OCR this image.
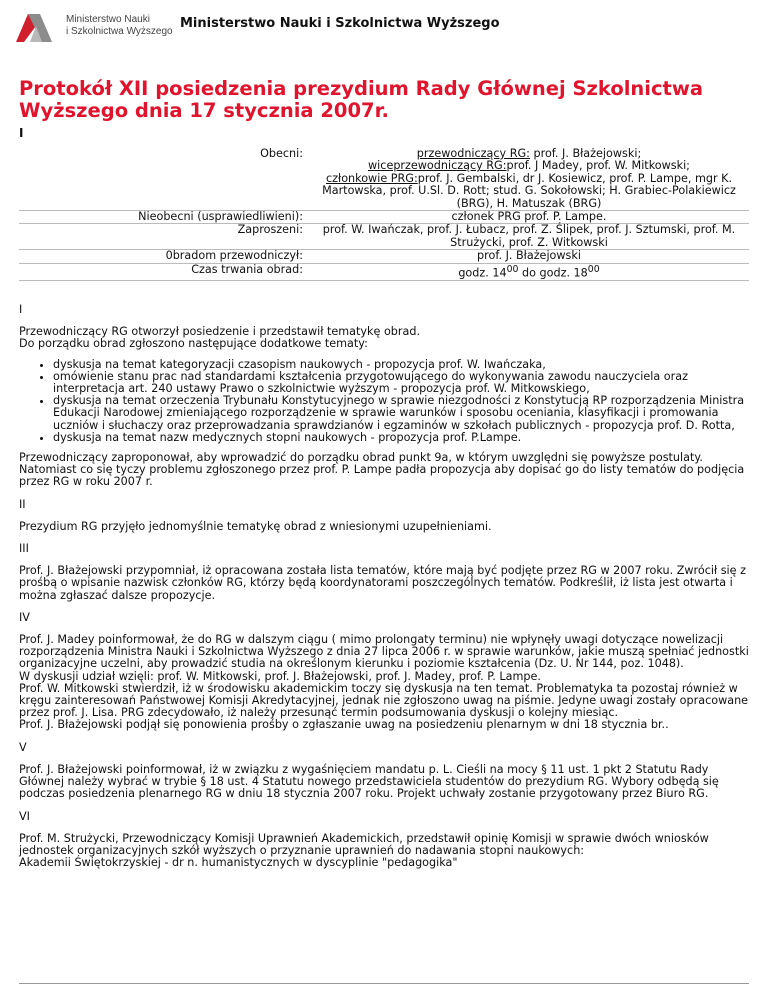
Ministerstwo Nauki
i Szkolnictwa Wyższego
Ministerstwo Nauki i Szkolnictwa Wyższego
Protokół XII posiedzenia prezydium Rady Głównej Szkolnictwa Wyższego dnia 17 stycznia 2007r.
I
Obecni:	przewodniczący RG: prof. J. Błażejowski;
wiceprzewodniczący RG:prof. J Madey, prof. W. Mitkowski;
członkowie PRG:prof. J. Gembalski, dr J. Kosiewicz, prof. P. Lampe, mgr K. Martowska, prof. U.Sl. D. Rott; stud. G. Sokołowski; H. Grabiec-Polakiewicz (BRG), H. Matuszak (BRG)
Nieobecni (usprawiedliwieni):	członek PRG prof. P. Lampe.
Zaproszeni:	prof. W. Iwańczak, prof. J. Łubacz, prof. Z. Ślipek, prof. J. Sztumski, prof. M. Strużycki, prof. Z. Witkowski
0bradom przewodniczył:	prof. J. Błażejowski
Czas trwania obrad:	godz. $14^{00}$ do godz. $18^{00}$

I

Przewodniczący RG otworzył posiedzenie i przedstawił tematykę obrad.
Do porządku obrad zgłoszono następujące dodatkowe tematy:

• dyskusja na temat kategoryzacji czasopism naukowych - propozycja prof. W. Iwańczaka,
• omówienie stanu prac nad standardami kształcenia przygotowującego do wykonywania zawodu nauczyciela oraz interpretacja art. 240 ustawy Prawo o szkolnictwie wyższym - propozycja prof. W. Mitkowskiego,
• dyskusja na temat orzeczenia Trybunału Konstytucyjnego w sprawie niezgodności z Konstytucją RP rozporządzenia Ministra Edukacji Narodowej zmieniającego rozporządzenie w sprawie warunków i sposobu oceniania, klasyfikacji i promowania uczniów i słuchaczy oraz przeprowadzania sprawdzianów i egzaminów w szkołach publicznych - propozycja prof. D. Rotta,
• dyskusja na temat nazw medycznych stopni naukowych - propozycja prof. P.Lampe.

Przewodniczący zaproponował, aby wprowadzić do porządku obrad punkt 9a, w którym uwzględni się powyższe postulaty. Natomiast co się tyczy problemu zgłoszonego przez prof. P. Lampe padła propozycja aby dopisać go do listy tematów do podjęcia przez RG w roku 2007 r.

II

Prezydium RG przyjęło jednomyślnie tematykę obrad z wniesionymi uzupełnieniami.

III

Prof. J. Błażejowski przypomniał, iż opracowana została lista tematów, które mają być podjęte przez RG w 2007 roku. Zwrócił się z prośbą o wpisanie nazwisk członków RG, którzy będą koordynatorami poszczególnych tematów. Podkreślił, iż lista jest otwarta i można zgłaszać dalsze propozycje.

IV

Prof. J. Madey poinformował, że do RG w dalszym ciągu ( mimo prolongaty terminu) nie wpłynęły uwagi dotyczące nowelizacji rozporządzenia Ministra Nauki i Szkolnictwa Wyższego z dnia 27 lipca 2006 r. w sprawie warunków, jakie muszą spełniać jednostki organizacyjne uczelni, aby prowadzić studia na określonym kierunku i poziomie kształcenia (Dz. U. Nr 144, poz. 1048).
W dyskusji udział wzięli: prof. W. Mitkowski, prof. J. Błażejowski, prof. J. Madey, prof. P. Lampe.
Prof. W. Mitkowski stwierdził, iż w środowisku akademickim toczy się dyskusja na ten temat. Problematyka ta pozostaj również w kręgu zainteresowań Państwowej Komisji Akredytacyjnej, jednak nie zgłoszono uwag na piśmie. Jedyne uwagi zostały opracowane przez prof. J. Lisa. PRG zdecydowało, iż należy przesunąć termin podsumowania dyskusji o kolejny miesiąc.
Prof. J. Błażejowski podjął się ponowienia prośby o zgłaszanie uwag na posiedzeniu plenarnym w dni 18 stycznia br..

V

Prof. J. Błażejowski poinformował, iż w związku z wygaśnięciem mandatu p. L. Cieśli na mocy § 11 ust. 1 pkt 2 Statutu Rady Głównej należy wybrać w trybie § 18 ust. 4 Statutu nowego przedstawiciela studentów do prezydium RG. Wybory odbędą się podczas posiedzenia plenarnego RG w dniu 18 stycznia 2007 roku. Projekt uchwały zostanie przygotowany przez Biuro RG.

VI

Prof. M. Strużycki, Przewodniczący Komisji Uprawnień Akademickich, przedstawił opinię Komisji w sprawie dwóch wniosków jednostek organizacyjnych szkół wyższych o przyznanie uprawnień do nadawania stopni naukowych:
Akademii Świętokrzyskiej - dr n. humanistycznych w dyscyplinie "pedagogika"
